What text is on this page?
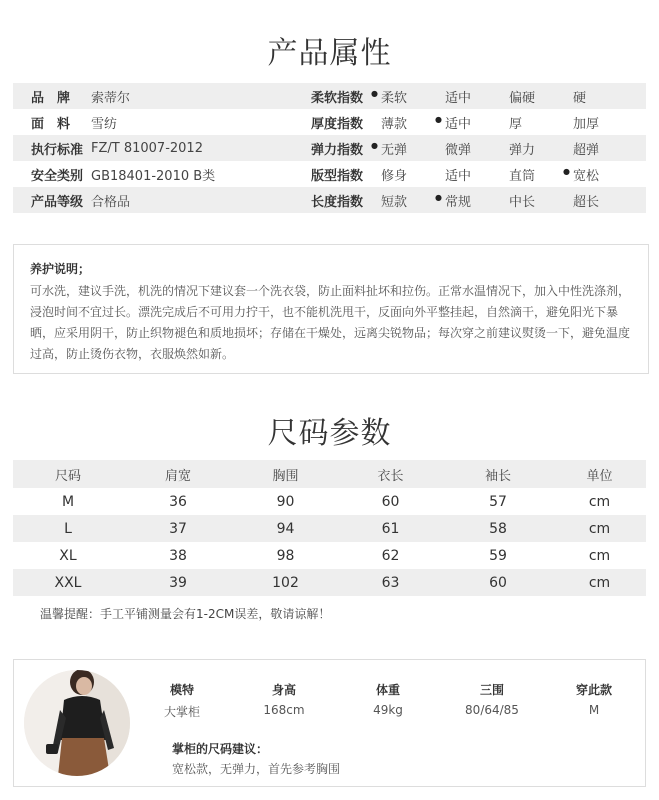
产品属性
品　牌	索蒂尔	柔软指数	● 柔软	适中	偏硬	硬
面　料	雪纺	厚度指数	薄款	● 适中	厚	加厚
执行标准 FZ/T 81007-2012	弹力指数	● 无弹	微弹	弹力	超弹
安全类别 GB18401-2010 B类	版型指数	修身	适中	直筒	● 宽松
产品等级 合格品	长度指数	短款	● 常规	中长	超长
养护说明；
可水洗，建议手洗，机洗的情况下建议套一个洗衣袋，防止面料扯坏和拉伤。正常水温情况下，加入中性洗涤剂，浸泡时间不宜过长。漂洗完成后不可用力拧干，也不能机洗甩干，反面向外平整挂起，自然滴干，避免阳光下暴晒，应采用阴干，防止织物褪色和质地损坏；存储在干燥处，远离尖锐物品；每次穿之前建议熨烫一下，避免温度过高，防止烫伤衣物，衣服焕然如新。
尺码参数
尺码	肩宽	胸围	衣长	袖长	单位
M	36	90	60	57	cm
L	37	94	61	58	cm
XL	38	98	62	59	cm
XXL	39	102	63	60	cm
温馨提醒：手工平铺测量会有1-2CM误差，敬请谅解！
模特	身高	体重	三围	穿此款
大掌柜	168cm	49kg	80/64/85	M
掌柜的尺码建议：
宽松款，无弹力，首先参考胸围
